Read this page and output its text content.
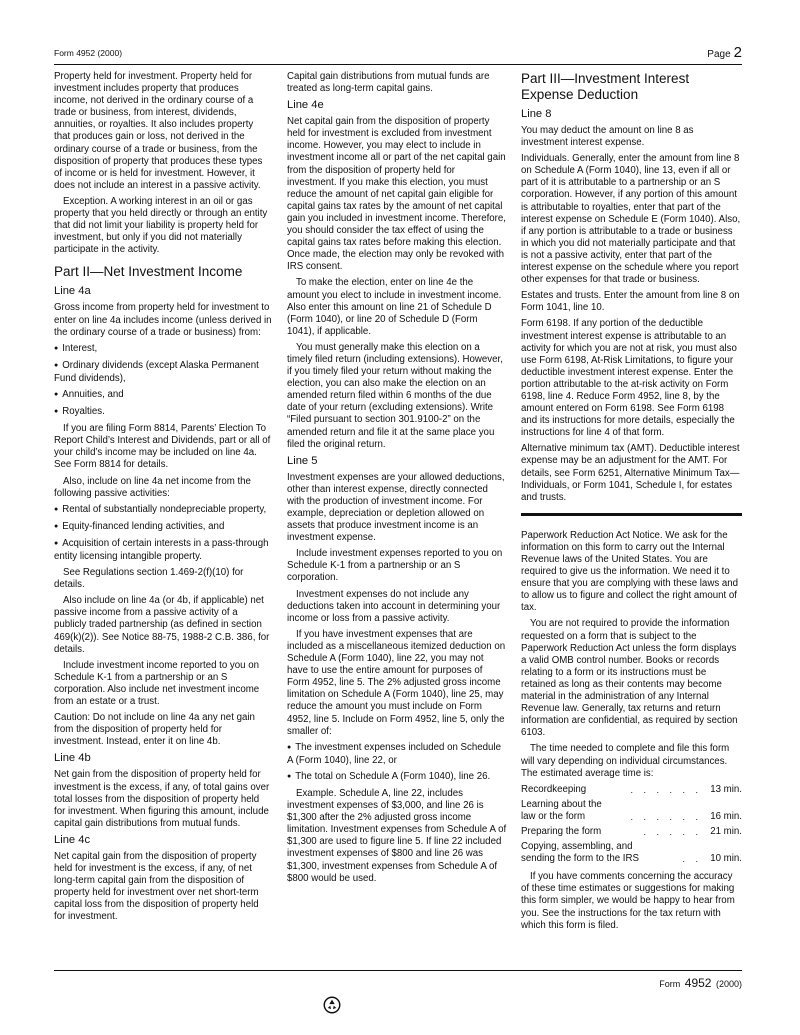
Form 4952 (2000)	Page 2

Property held for investment. Property held for investment includes property that produces income, not derived in the ordinary course of a trade or business, from interest, dividends, annuities, or royalties. It also includes property that produces gain or loss, not derived in the ordinary course of a trade or business, from the disposition of property that produces these types of income or is held for investment. However, it does not include an interest in a passive activity.

Exception. A working interest in an oil or gas property that you held directly or through an entity that did not limit your liability is property held for investment, but only if you did not materially participate in the activity.

Part II—Net Investment Income
Line 4a

Gross income from property held for investment to enter on line 4a includes income (unless derived in the ordinary course of a trade or business) from:

● Interest,

● Ordinary dividends (except Alaska Permanent Fund dividends),

● Annuities, and

● Royalties.

If you are filing Form 8814, Parents’ Election To Report Child’s Interest and Dividends, part or all of your child’s income may be included on line 4a. See Form 8814 for details.

Also, include on line 4a net income from the following passive activities:

● Rental of substantially nondepreciable property,

● Equity-financed lending activities, and

● Acquisition of certain interests in a pass-through entity licensing intangible property.

See Regulations section 1.469-2(f)(10) for details.

Also include on line 4a (or 4b, if applicable) net passive income from a passive activity of a publicly traded partnership (as defined in section 469(k)(2)). See Notice 88-75, 1988-2 C.B. 386, for details.

Include investment income reported to you on Schedule K-1 from a partnership or an S corporation. Also include net investment income from an estate or a trust.

Caution: Do not include on line 4a any net gain from the disposition of property held for investment. Instead, enter it on line 4b.

Line 4b

Net gain from the disposition of property held for investment is the excess, if any, of total gains over total losses from the disposition of property held for investment. When figuring this amount, include capital gain distributions from mutual funds.

Line 4c

Net capital gain from the disposition of property held for investment is the excess, if any, of net long-term capital gain from the disposition of property held for investment over net short-term capital loss from the disposition of property held for investment.

Capital gain distributions from mutual funds are treated as long-term capital gains.

Line 4e

Net capital gain from the disposition of property held for investment is excluded from investment income. However, you may elect to include in investment income all or part of the net capital gain from the disposition of property held for investment. If you make this election, you must reduce the amount of net capital gain eligible for capital gains tax rates by the amount of net capital gain you included in investment income. Therefore, you should consider the tax effect of using the capital gains tax rates before making this election. Once made, the election may only be revoked with IRS consent.

To make the election, enter on line 4e the amount you elect to include in investment income. Also enter this amount on line 21 of Schedule D (Form 1040), or line 20 of Schedule D (Form 1041), if applicable.

You must generally make this election on a timely filed return (including extensions). However, if you timely filed your return without making the election, you can also make the election on an amended return filed within 6 months of the due date of your return (excluding extensions). Write “Filed pursuant to section 301.9100-2” on the amended return and file it at the same place you filed the original return.

Line 5

Investment expenses are your allowed deductions, other than interest expense, directly connected with the production of investment income. For example, depreciation or depletion allowed on assets that produce investment income is an investment expense.

Include investment expenses reported to you on Schedule K-1 from a partnership or an S corporation.

Investment expenses do not include any deductions taken into account in determining your income or loss from a passive activity.

If you have investment expenses that are included as a miscellaneous itemized deduction on Schedule A (Form 1040), line 22, you may not have to use the entire amount for purposes of Form 4952, line 5. The 2% adjusted gross income limitation on Schedule A (Form 1040), line 25, may reduce the amount you must include on Form 4952, line 5. Include on Form 4952, line 5, only the smaller of:

● The investment expenses included on Schedule A (Form 1040), line 22, or

● The total on Schedule A (Form 1040), line 26.

Example. Schedule A, line 22, includes investment expenses of $3,000, and line 26 is $1,300 after the 2% adjusted gross income limitation. Investment expenses from Schedule A of $1,300 are used to figure line 5. If line 22 included investment expenses of $800 and line 26 was $1,300, investment expenses from Schedule A of $800 would be used.

Part III—Investment Interest Expense Deduction
Line 8

You may deduct the amount on line 8 as investment interest expense.

Individuals. Generally, enter the amount from line 8 on Schedule A (Form 1040), line 13, even if all or part of it is attributable to a partnership or an S corporation. However, if any portion of this amount is attributable to royalties, enter that part of the interest expense on Schedule E (Form 1040). Also, if any portion is attributable to a trade or business in which you did not materially participate and that is not a passive activity, enter that part of the interest expense on the schedule where you report other expenses for that trade or business.

Estates and trusts. Enter the amount from line 8 on Form 1041, line 10.

Form 6198. If any portion of the deductible investment interest expense is attributable to an activity for which you are not at risk, you must also use Form 6198, At-Risk Limitations, to figure your deductible investment interest expense. Enter the portion attributable to the at-risk activity on Form 6198, line 4. Reduce Form 4952, line 8, by the amount entered on Form 6198. See Form 6198 and its instructions for more details, especially the instructions for line 4 of that form.

Alternative minimum tax (AMT). Deductible interest expense may be an adjustment for the AMT. For details, see Form 6251, Alternative Minimum Tax—Individuals, or Form 1041, Schedule I, for estates and trusts.

Paperwork Reduction Act Notice. We ask for the information on this form to carry out the Internal Revenue laws of the United States. You are required to give us the information. We need it to ensure that you are complying with these laws and to allow us to figure and collect the right amount of tax.

You are not required to provide the information requested on a form that is subject to the Paperwork Reduction Act unless the form displays a valid OMB control number. Books or records relating to a form or its instructions must be retained as long as their contents may become material in the administration of any Internal Revenue law. Generally, tax returns and return information are confidential, as required by section 6103.

The time needed to complete and file this form will vary depending on individual circumstances. The estimated average time is:

Recordkeeping	. . . . . . 13 min.
Learning about the
law or the form	. . . . . . 16 min.
Preparing the form	. . . . . 21 min.
Copying, assembling, and
sending the form to the IRS	. . 10 min.

If you have comments concerning the accuracy of these time estimates or suggestions for making this form simpler, we would be happy to hear from you. See the instructions for the tax return with which this form is filed.

Form 4952 (2000)
